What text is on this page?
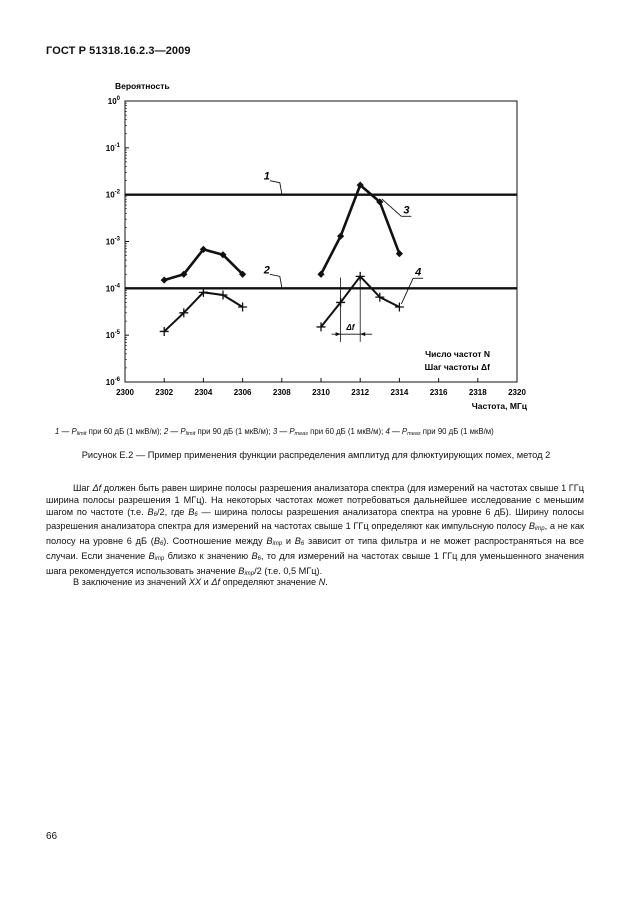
ГОСТ Р 51318.16.2.3—2009
Вероятность
Частота, МГц
1
2
3
4
Δf
Число частот N
Шаг частоты Δf
$10^0$
$10^{-1}$
$10^{-2}$
$10^{-3}$
$10^{-4}$
$10^{-5}$
$10^{-6}$
2300	2302	2304	2306	2308	2310	2312	2314	2316	2318	2320
1 — $P_{limit}$ при 60 дБ (1 мкВ/м); 2 — $P_{limit}$ при 90 дБ (1 мкВ/м); 3 — $P_{meas}$ при 60 дБ (1 мкВ/м); 4 — $P_{meas}$ при 90 дБ (1 мкВ/м)
Рисунок Е.2 — Пример применения функции распределения амплитуд для флюктуирующих помех, метод 2

Шаг Δf должен быть равен ширине полосы разрешения анализатора спектра (для измерений на частотах свыше 1 ГГц ширина полосы разрешения 1 МГц). На некоторых частотах может потребоваться дальнейшее исследование с меньшим шагом по частоте (т.е. $B_6/2$, где $B_6$ — ширина полосы разрешения анализатора спектра на уровне 6 дБ). Ширину полосы разрешения анализатора спектра для измерений на частотах свыше 1 ГГц определяют как импульсную полосу $B_{imp}$, а не как полосу на уровне 6 дБ $(B_6)$. Соотношение между $B_{imp}$ и $B_6$ зависит от типа фильтра и не может распространяться на все случаи. Если значение $B_{imp}$ близко к значению $B_6$, то для измерений на частотах свыше 1 ГГц для уменьшенного значения шага рекомендуется использовать значение $B_{imp}/2$ (т.е. 0,5 МГц).

В заключение из значений XX и Δf определяют значение N.

66
